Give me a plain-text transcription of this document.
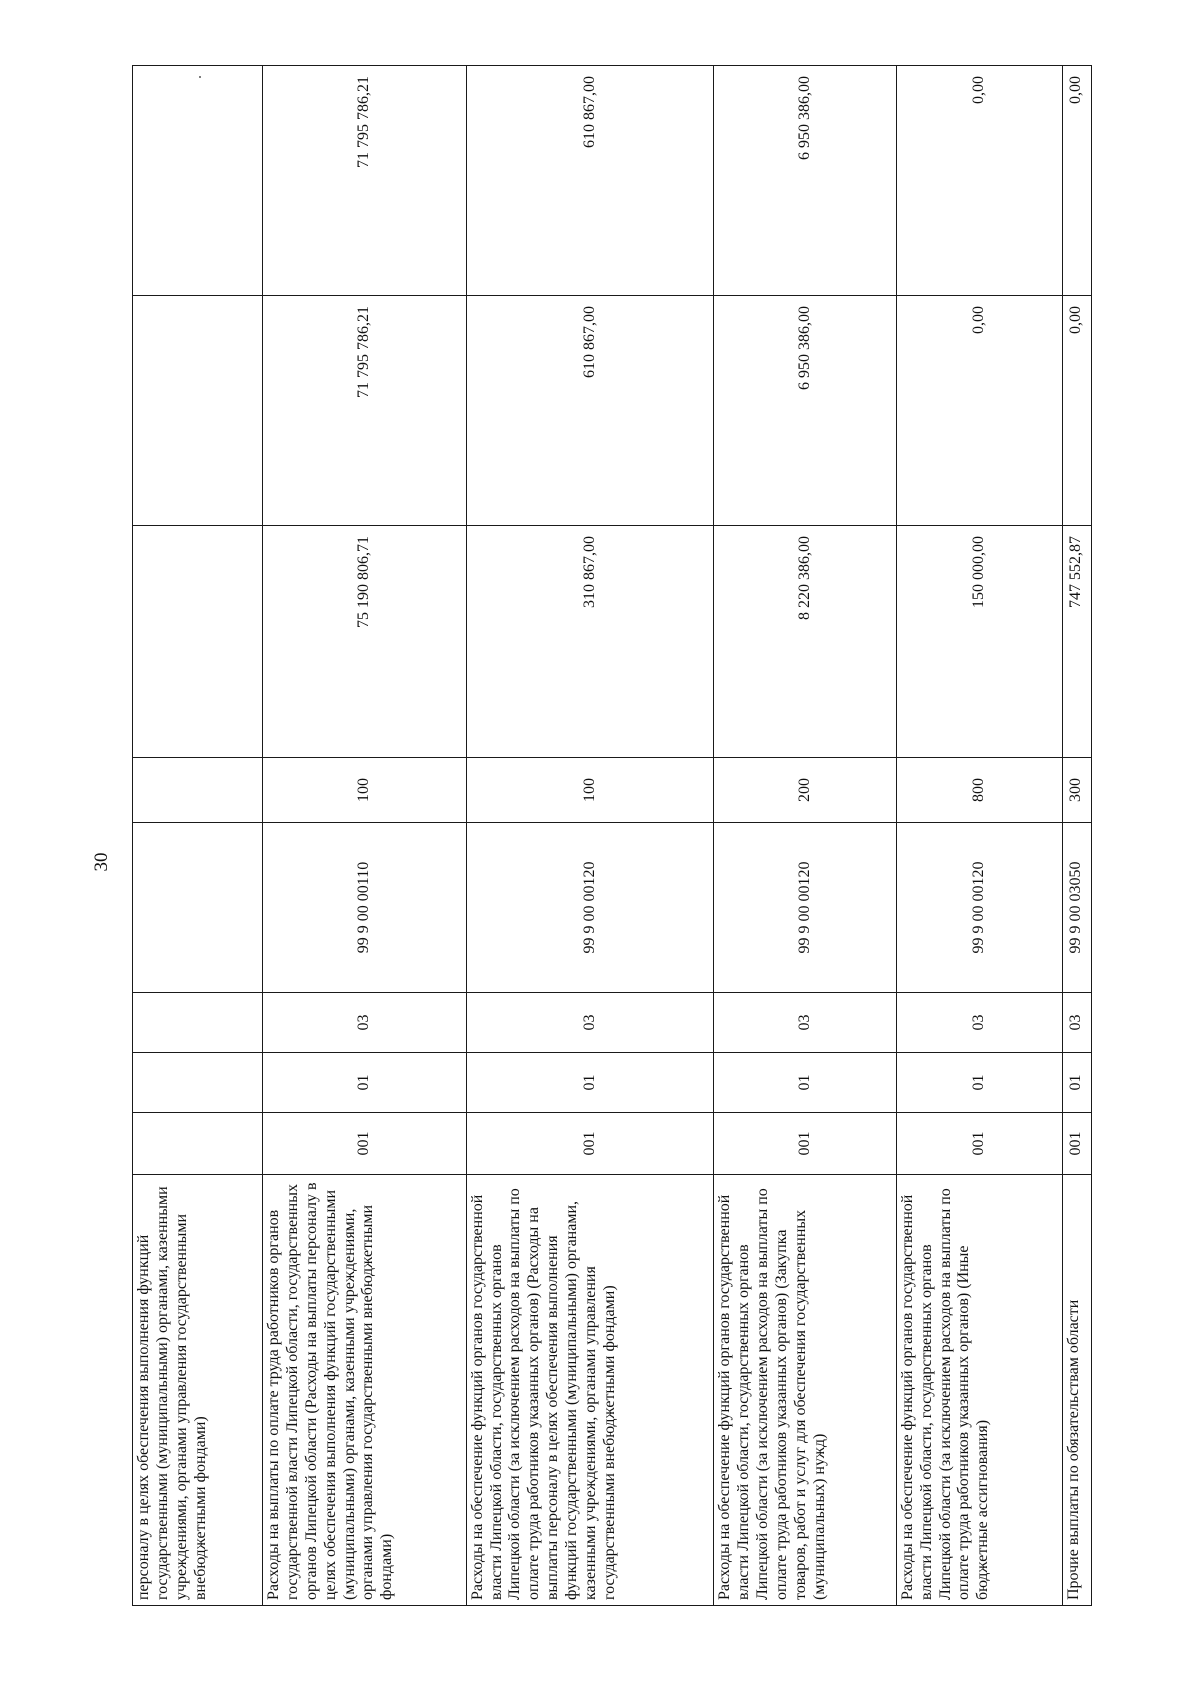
30
персоналу в целях обеспечения выполнения функций государственными (муниципальными) органами, казенными учреждениями, органами управления государственными внебюджетными фондами)								
Расходы на выплаты по оплате труда работников органов государственной власти Липецкой области, государственных органов Липецкой области (Расходы на выплаты персоналу в целях обеспечения выполнения функций государственными (муниципальными) органами, казенными учреждениями, органами управления государственными внебюджетными фондами)	001	01	03	99 9 00 00110	100	75 190 806,71	71 795 786,21	71 795 786,21
Расходы на обеспечение функций органов государственной власти Липецкой области, государственных органов Липецкой области (за исключением расходов на выплаты по оплате труда работников указанных органов) (Расходы на выплаты персоналу в целях обеспечения выполнения функций государственными (муниципальными) органами, казенными учреждениями, органами управления государственными внебюджетными фондами)	001	01	03	99 9 00 00120	100	310 867,00	610 867,00	610 867,00
Расходы на обеспечение функций органов государственной власти Липецкой области, государственных органов Липецкой области (за исключением расходов на выплаты по оплате труда работников указанных органов) (Закупка товаров, работ и услуг для обеспечения государственных (муниципальных) нужд)	001	01	03	99 9 00 00120	200	8 220 386,00	6 950 386,00	6 950 386,00
Расходы на обеспечение функций органов государственной власти Липецкой области, государственных органов Липецкой области (за исключением расходов на выплаты по оплате труда работников указанных органов) (Иные бюджетные ассигнования)	001	01	03	99 9 00 00120	800	150 000,00	0,00	0,00
Прочие выплаты по обязательствам области	001	01	03	99 9 00 03050	300	747 552,87	0,00	0,00
